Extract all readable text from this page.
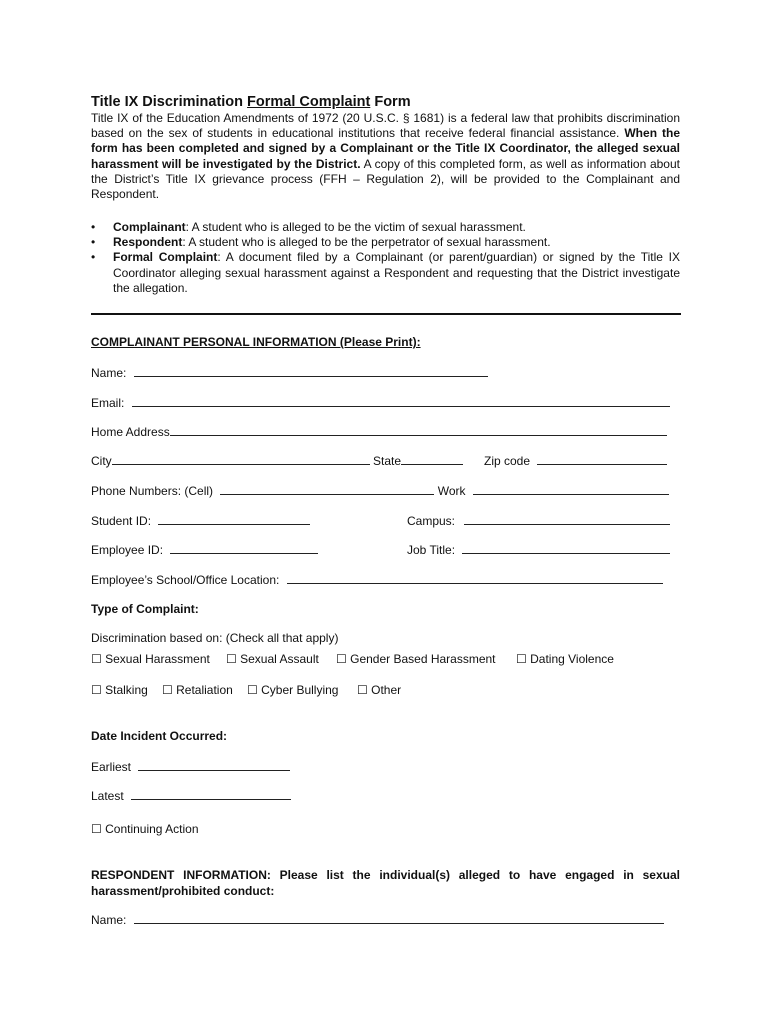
Title IX Discrimination Formal Complaint Form
Title IX of the Education Amendments of 1972 (20 U.S.C. § 1681) is a federal law that prohibits discrimination based on the sex of students in educational institutions that receive federal financial assistance. When the form has been completed and signed by a Complainant or the Title IX Coordinator, the alleged sexual harassment will be investigated by the District. A copy of this completed form, as well as information about the District’s Title IX grievance process (FFH – Regulation 2), will be provided to the Complainant and Respondent.
• Complainant: A student who is alleged to be the victim of sexual harassment.
• Respondent: A student who is alleged to be the perpetrator of sexual harassment.
• Formal Complaint: A document filed by a Complainant (or parent/guardian) or signed by the Title IX Coordinator alleging sexual harassment against a Respondent and requesting that the District investigate the allegation.
COMPLAINANT PERSONAL INFORMATION (Please Print):
Name:
Email:
Home Address
City	State	Zip code
Phone Numbers: (Cell)	Work
Student ID:	Campus:
Employee ID:	Job Title:
Employee’s School/Office Location:
Type of Complaint:
Discrimination based on: (Check all that apply)
☐ Sexual Harassment ☐ Sexual Assault ☐ Gender Based Harassment ☐ Dating Violence
☐ Stalking ☐ Retaliation ☐ Cyber Bullying ☐ Other
Date Incident Occurred:
Earliest
Latest
☐ Continuing Action
RESPONDENT INFORMATION: Please list the individual(s) alleged to have engaged in sexual harassment/prohibited conduct:
Name:
